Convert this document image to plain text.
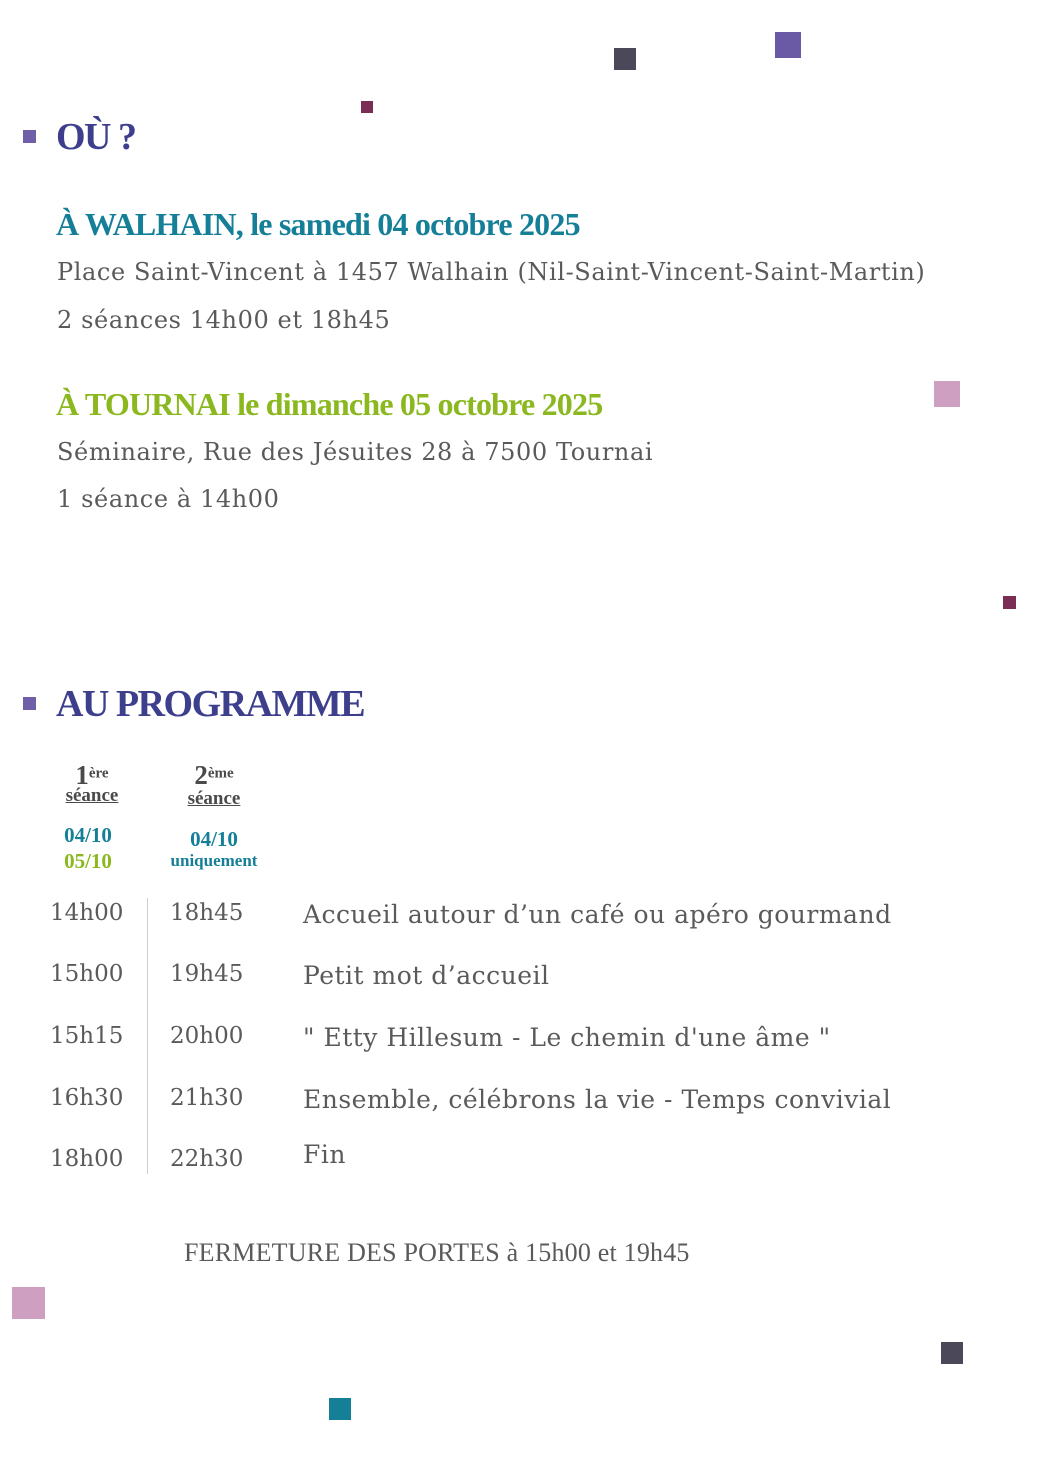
OÙ ?
À WALHAIN, le samedi 04 octobre 2025

Place Saint-Vincent à 1457 Walhain (Nil-Saint-Vincent-Saint-Martin)

2 séances 14h00 et 18h45

À TOURNAI le dimanche 05 octobre 2025

Séminaire, Rue des Jésuites 28 à 7500 Tournai

1 séance à 14h00

AU PROGRAMME
1ère
séance
04/10
05/10
2ème
séance
04/10
uniquement
14h00 18h45 Accueil autour d’un café ou apéro gourmand
15h00 19h45 Petit mot d’accueil
15h15 20h00 " Etty Hillesum - Le chemin d'une âme "
16h30 21h30 Ensemble, célébrons la vie - Temps convivial
18h00 22h30 Fin
FERMETURE DES PORTES à 15h00 et 19h45
